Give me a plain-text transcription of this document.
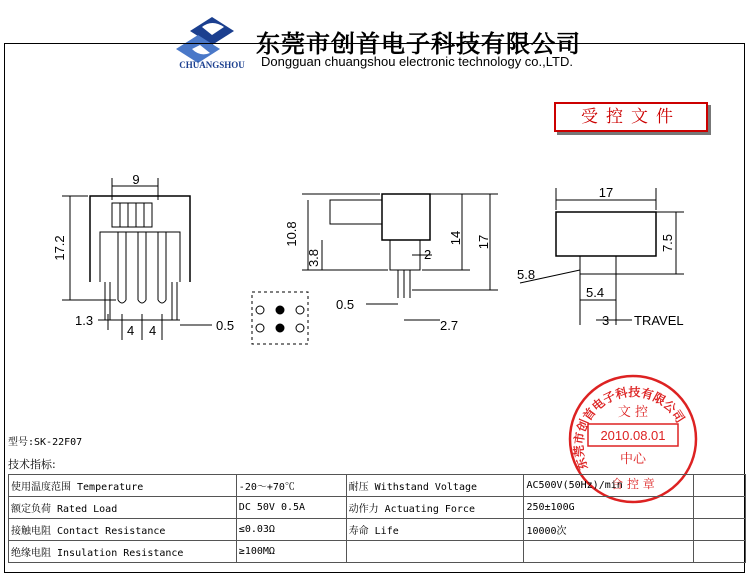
CHUANGSHOU
东莞市创首电子科技有限公司
Dongguan chuangshou electronic technology co.,LTD.
受控文件
9
17.2
1.3
4 4	0.5
10.8
3.8
14 17
2
0.5
2.7
17
7.5
5.8
5.4
3 TRAVEL
东莞市创首电子科技有限公司
文 控
2010.08.01
中心
合 控 章
型号:SK-22F07
技术指标:
使用温度范围 Temperature	-20～+70℃	耐压 Withstand Voltage	AC500V(50Hz)/min	
额定负荷 Rated Load	DC 50V 0.5A	动作力 Actuating Force	250±100G	
接触电阻 Contact Resistance	≤0.03Ω	寿命 Life	10000次	
绝缘电阻 Insulation Resistance	≥100MΩ			
